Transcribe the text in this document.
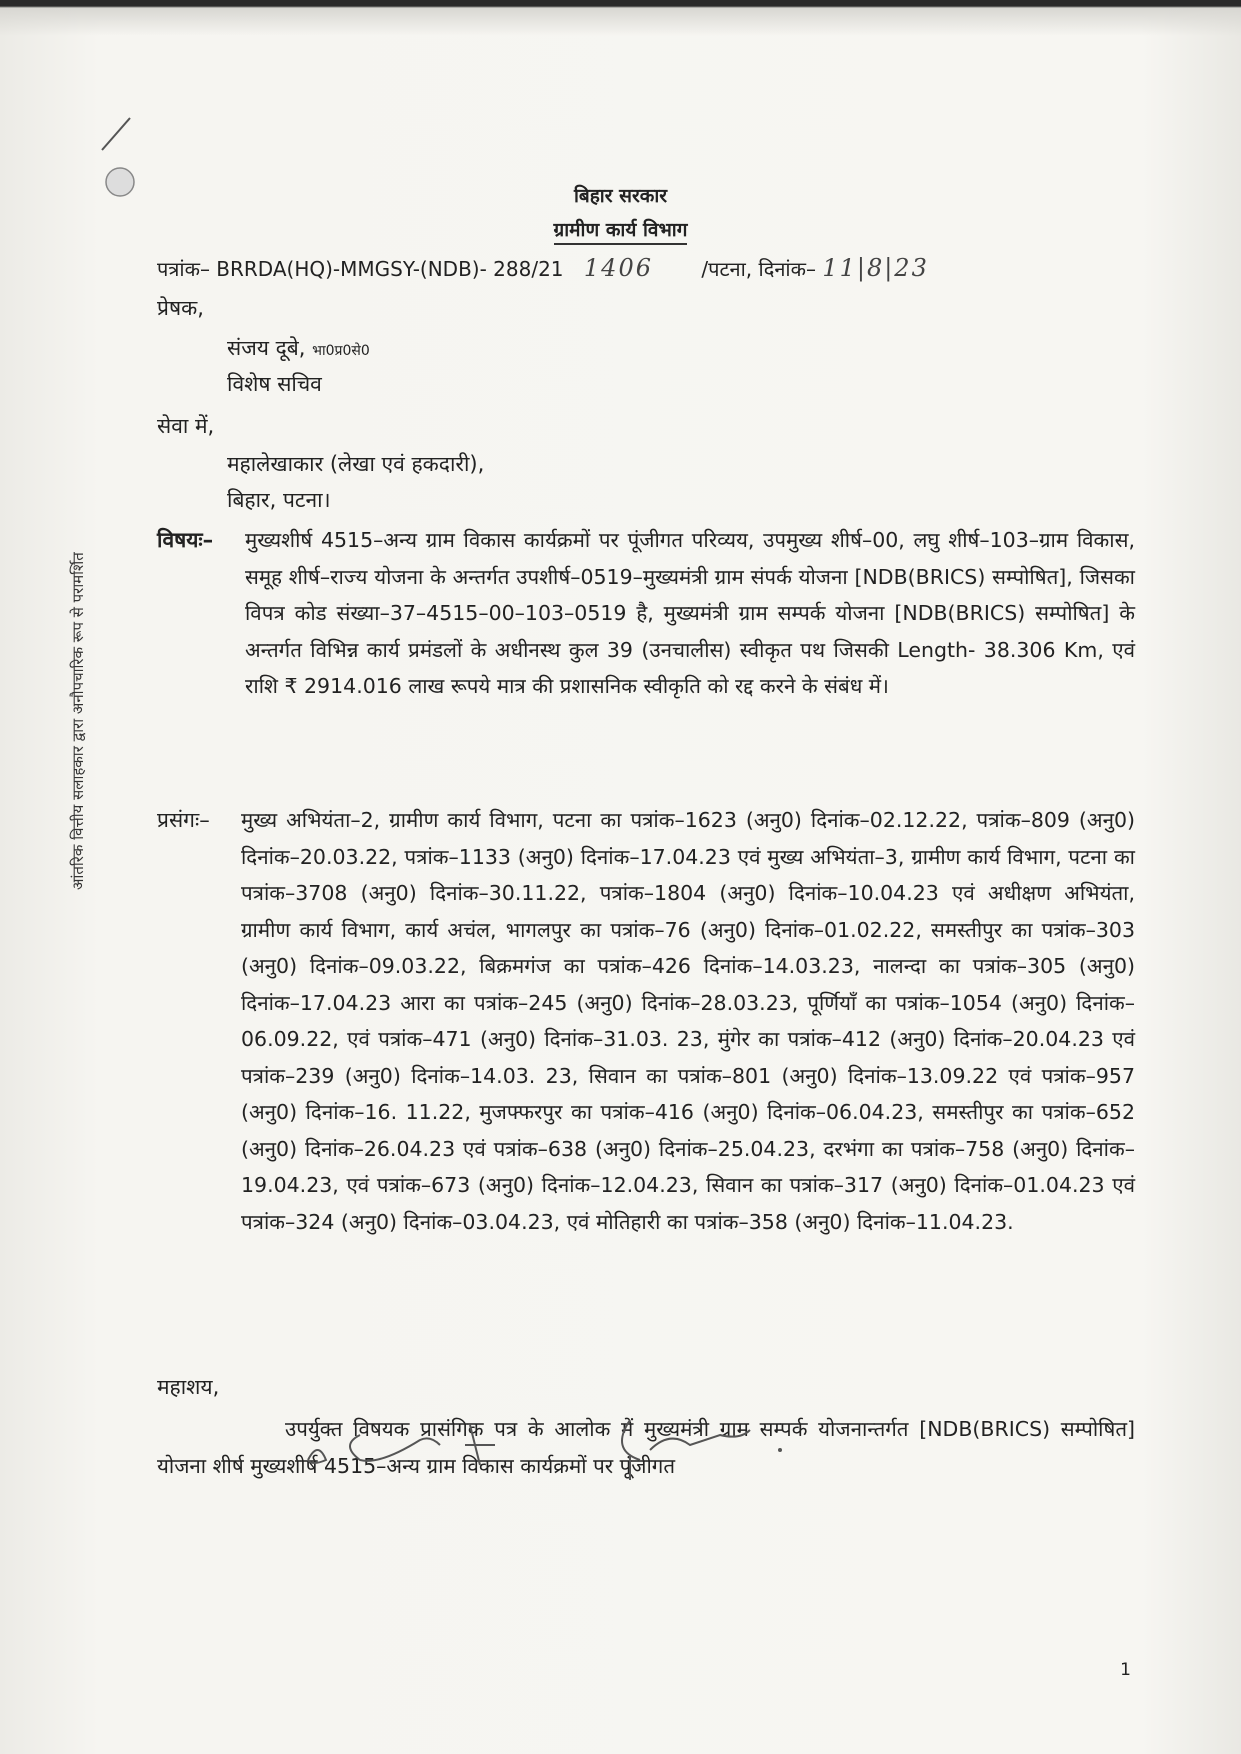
बिहार सरकार
ग्रामीण कार्य विभाग
पत्रांक– BRRDA(HQ)-MMGSY-(NDB)- 288/21 1406 /पटना, दिनांक– 11|8|23
प्रेषक,
संजय दूबे, भा0प्र0से0
विशेष सचिव
सेवा में,
महालेखाकार (लेखा एवं हकदारी),
बिहार, पटना।
विषयः– मुख्यशीर्ष 4515–अन्य ग्राम विकास कार्यक्रमों पर पूंजीगत परिव्यय, उपमुख्य शीर्ष–00, लघु शीर्ष–103–ग्राम विकास, समूह शीर्ष–राज्य योजना के अन्तर्गत उपशीर्ष–0519–मुख्यमंत्री ग्राम संपर्क योजना [NDB(BRICS) सम्पोषित], जिसका विपत्र कोड संख्या–37–4515–00–103–0519 है, मुख्यमंत्री ग्राम सम्पर्क योजना [NDB(BRICS) सम्पोषित] के अन्तर्गत विभिन्न कार्य प्रमंडलों के अधीनस्थ कुल 39 (उनचालीस) स्वीकृत पथ जिसकी Length- 38.306 Km, एवं राशि ₹ 2914.016 लाख रूपये मात्र की प्रशासनिक स्वीकृति को रद्द करने के संबंध में।
प्रसंगः– मुख्य अभियंता–2, ग्रामीण कार्य विभाग, पटना का पत्रांक–1623 (अनु0) दिनांक–02.12.22, पत्रांक–809 (अनु0) दिनांक–20.03.22, पत्रांक–1133 (अनु0) दिनांक–17.04.23 एवं मुख्य अभियंता–3, ग्रामीण कार्य विभाग, पटना का पत्रांक–3708 (अनु0) दिनांक–30.11.22, पत्रांक–1804 (अनु0) दिनांक–10.04.23 एवं अधीक्षण अभियंता, ग्रामीण कार्य विभाग, कार्य अचंल, भागलपुर का पत्रांक–76 (अनु0) दिनांक–01.02.22, समस्तीपुर का पत्रांक–303 (अनु0) दिनांक–09.03.22, बिक्रमगंज का पत्रांक–426 दिनांक–14.03.23, नालन्दा का पत्रांक–305 (अनु0) दिनांक–17.04.23 आरा का पत्रांक–245 (अनु0) दिनांक–28.03.23, पूर्णियाँ का पत्रांक–1054 (अनु0) दिनांक–06.09.22, एवं पत्रांक–471 (अनु0) दिनांक–31.03. 23, मुंगेर का पत्रांक–412 (अनु0) दिनांक–20.04.23 एवं पत्रांक–239 (अनु0) दिनांक–14.03. 23, सिवान का पत्रांक–801 (अनु0) दिनांक–13.09.22 एवं पत्रांक–957 (अनु0) दिनांक–16. 11.22, मुजफ्फरपुर का पत्रांक–416 (अनु0) दिनांक–06.04.23, समस्तीपुर का पत्रांक–652 (अनु0) दिनांक–26.04.23 एवं पत्रांक–638 (अनु0) दिनांक–25.04.23, दरभंगा का पत्रांक–758 (अनु0) दिनांक–19.04.23, एवं पत्रांक–673 (अनु0) दिनांक–12.04.23, सिवान का पत्रांक–317 (अनु0) दिनांक–01.04.23 एवं पत्रांक–324 (अनु0) दिनांक–03.04.23, एवं मोतिहारी का पत्रांक–358 (अनु0) दिनांक–11.04.23.
महाशय,
उपर्युक्त विषयक प्रासंगिक पत्र के आलोक में मुख्यमंत्री ग्राम सम्पर्क योजनान्तर्गत [NDB(BRICS) सम्पोषित] योजना शीर्ष मुख्यशीर्ष 4515–अन्य ग्राम विकास कार्यक्रमों पर पूंजीगत
आंतरिक वित्तीय सलाहकार द्वारा अनौपचारिक रूप से परामर्शित
1
